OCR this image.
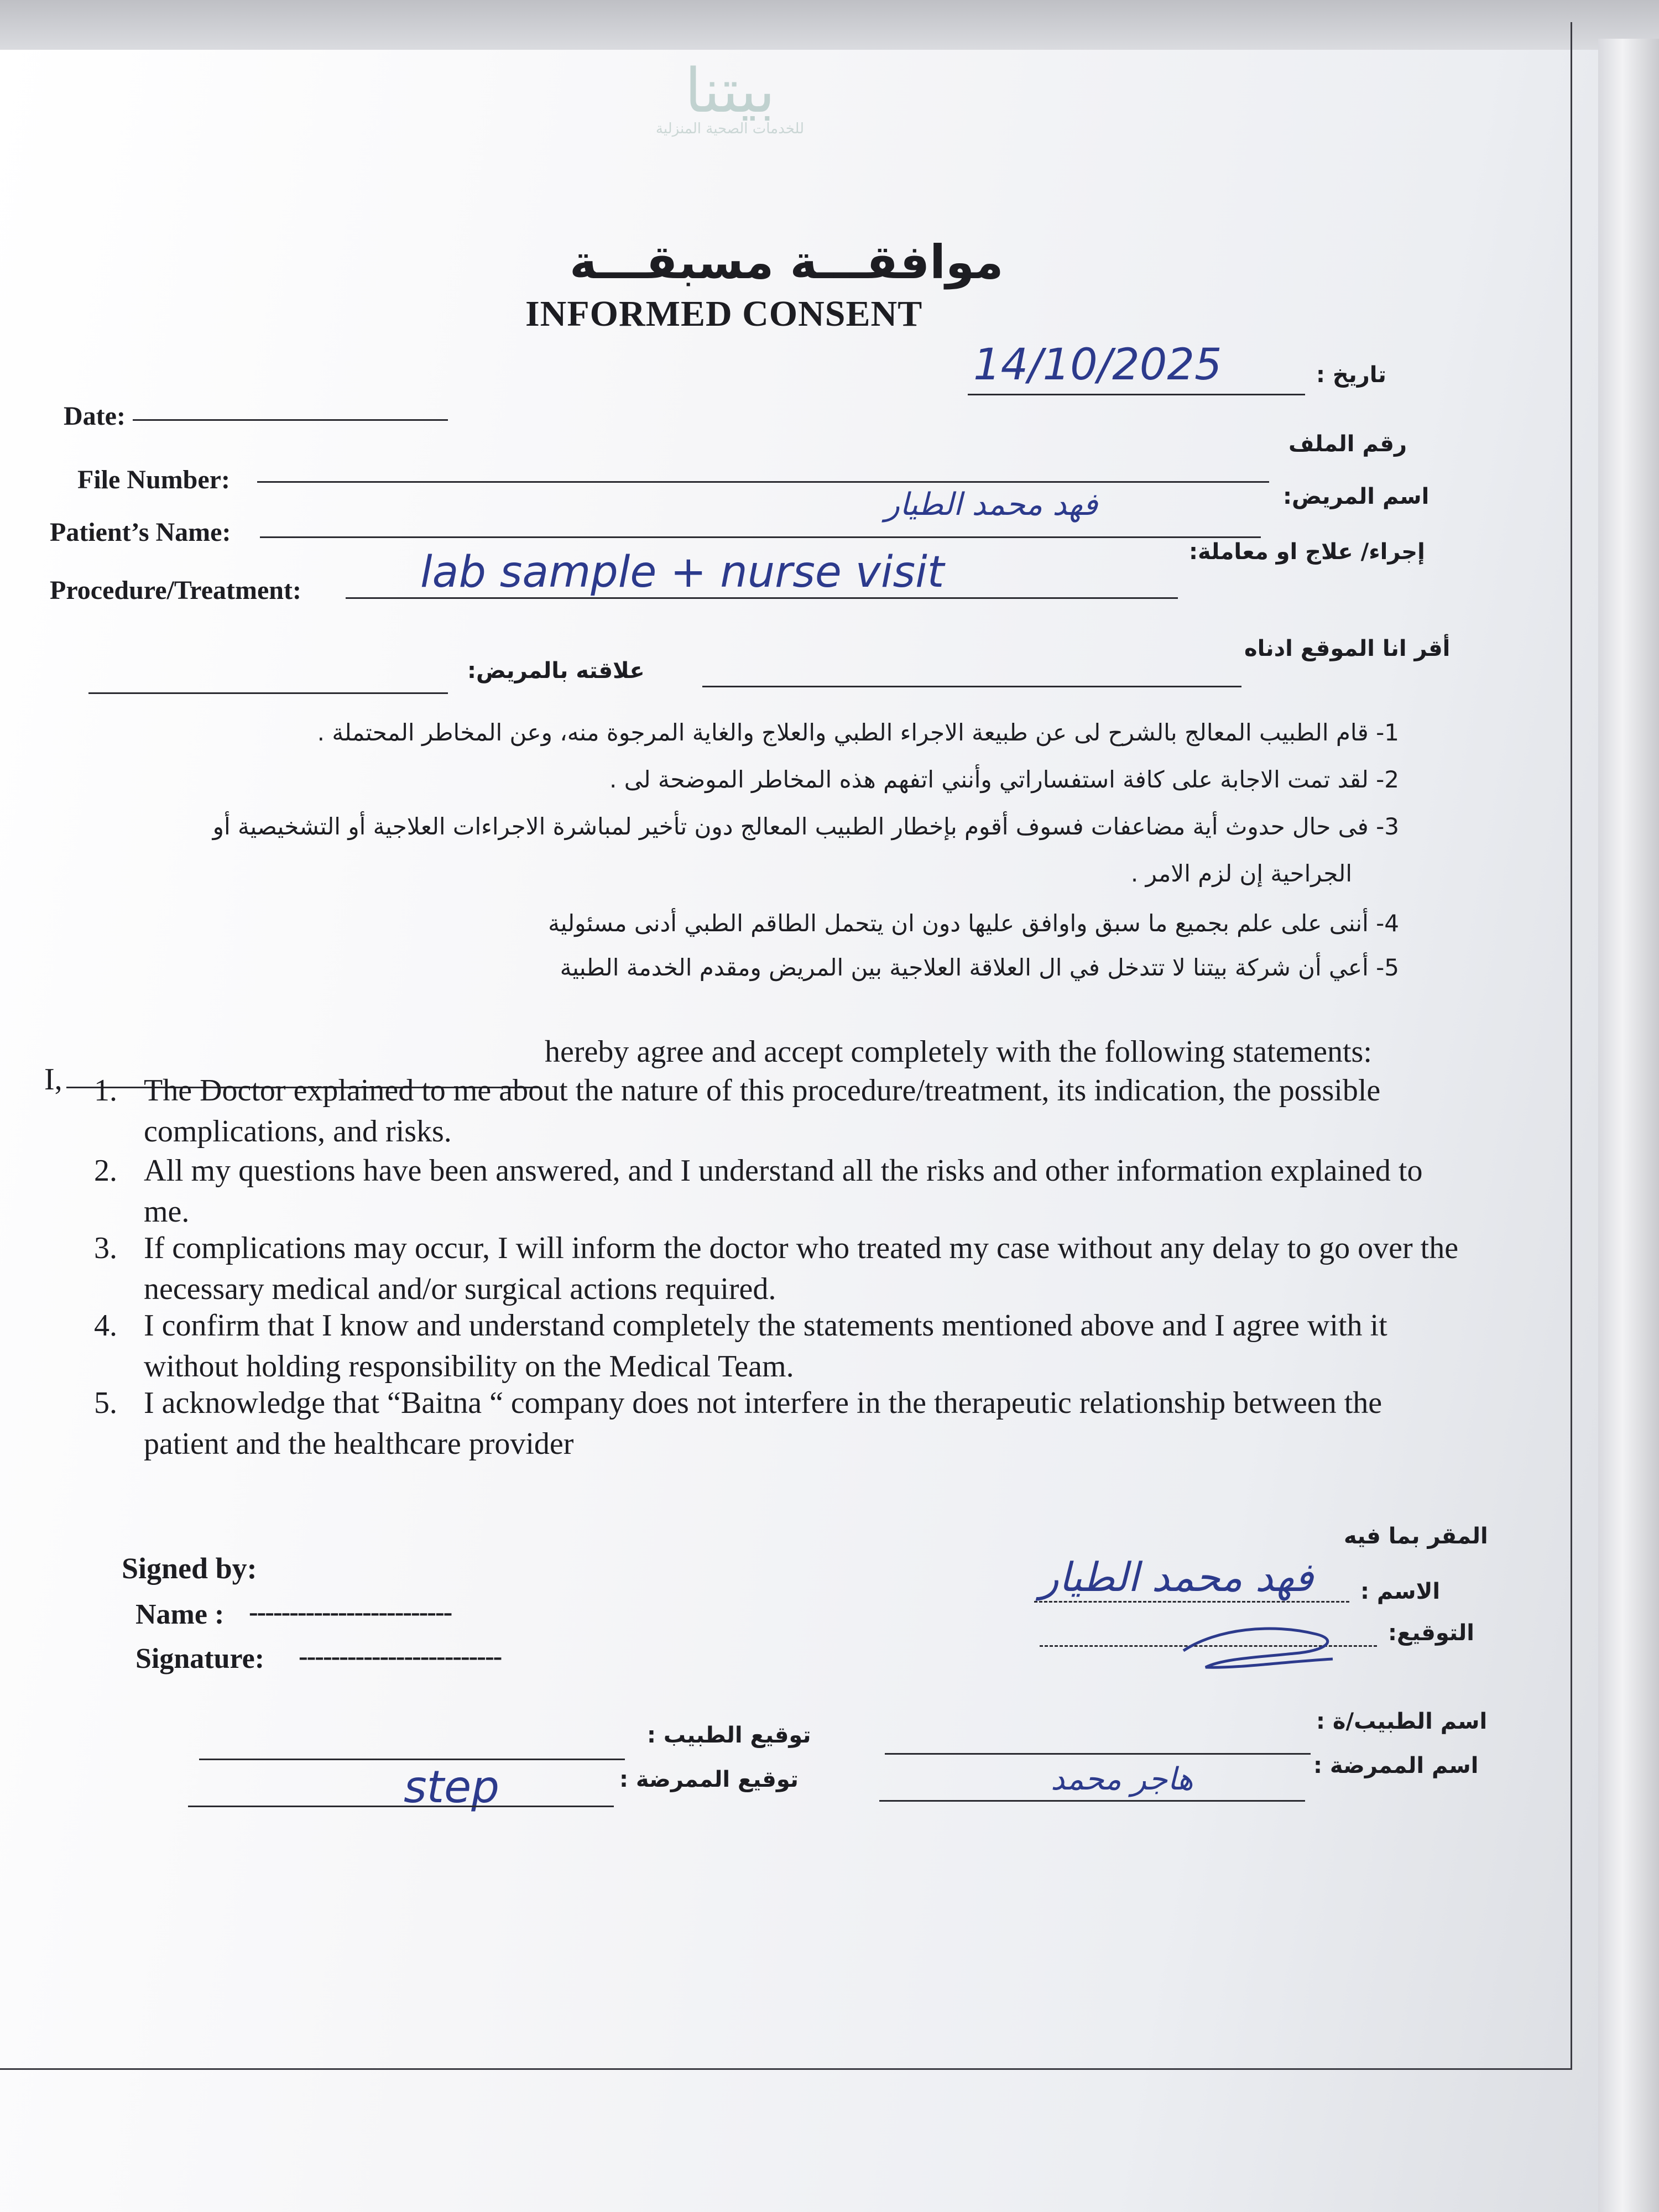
بيتنا
للخدمات الصحية المنزلية
موافقـــة مسبقـــة
INFORMED CONSENT
تاريخ :
14/10/2025
Date:
رقم الملف
File Number:
اسم المريض:
فهد محمد الطيار
Patient’s Name:
إجراء/ علاج او معاملة:
Procedure/Treatment:	lab sample + nurse visit
أقر انا الموقع ادناه
علاقته بالمريض:
1- قام الطبيب المعالج بالشرح لى عن طبيعة الاجراء الطبي والعلاج والغاية المرجوة منه، وعن المخاطر المحتملة .
2- لقد تمت الاجابة على كافة استفساراتي وأنني اتفهم هذه المخاطر الموضحة لى .
3- فى حال حدوث أية مضاعفات فسوف أقوم بإخطار الطبيب المعالج دون تأخير لمباشرة الاجراءات العلاجية أو التشخيصية أو
الجراحية إن لزم الامر .
4- أننى على علم بجميع ما سبق واوافق عليها دون ان يتحمل الطاقم الطبي أدنى مسئولية
5- أعي أن شركة بيتنا لا تتدخل في ال العلاقة العلاجية بين المريض ومقدم الخدمة الطبية
I,
hereby agree and accept completely with the following statements:
1. The Doctor explained to me about the nature of this procedure/treatment, its indication, the possible complications, and risks.
2. All my questions have been answered, and I understand all the risks and other information explained to me.
3. If complications may occur, I will inform the doctor who treated my case without any delay to go over the necessary medical and/or surgical actions required.
4. I confirm that I know and understand completely the statements mentioned above and I agree with it without holding responsibility on the Medical Team.
5. I acknowledge that “Baitna “ company does not interfere in the therapeutic relationship between the patient and the healthcare provider
Signed by:
Name : -------------------------
Signature: -------------------------
المقر بما فيه
الاسم :
فهد محمد الطيار
التوقيع:
اسم الطبيب/ة :
توقيع الطبيب :
اسم الممرضة :
هاجر محمد
توقيع الممرضة :
step
